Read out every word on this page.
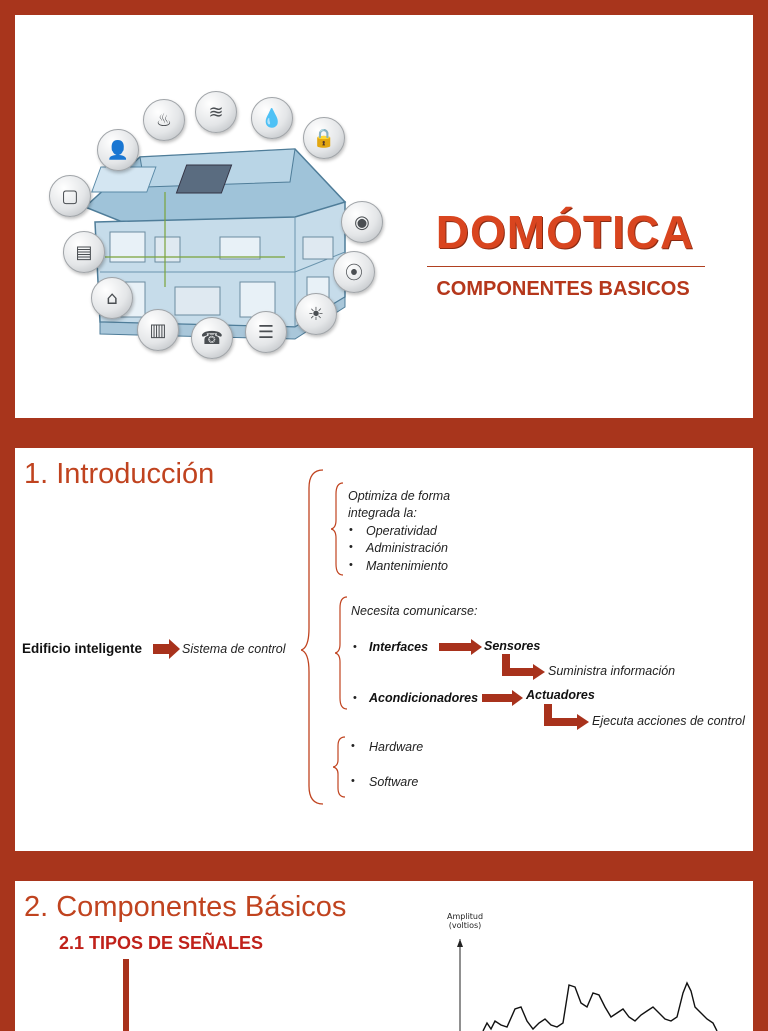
♨	≋	💧
🔒
◉
⦿
☀
☰
☎
▥
⌂
▤
▢
👤
DOMÓTICA
COMPONENTES BASICOS
1. Introducción
Edificio inteligente	Sistema de control
Optimiza de forma
integrada la:
• Operatividad
• Administración
• Mantenimiento
Necesita comunicarse:
• Interfaces	Sensores
Suministra información
• Acondicionadores	Actuadores
Ejecuta acciones de control
• Hardware
• Software
2. Componentes Básicos
2.1 TIPOS DE SEÑALES
Amplitud
(voltios)
